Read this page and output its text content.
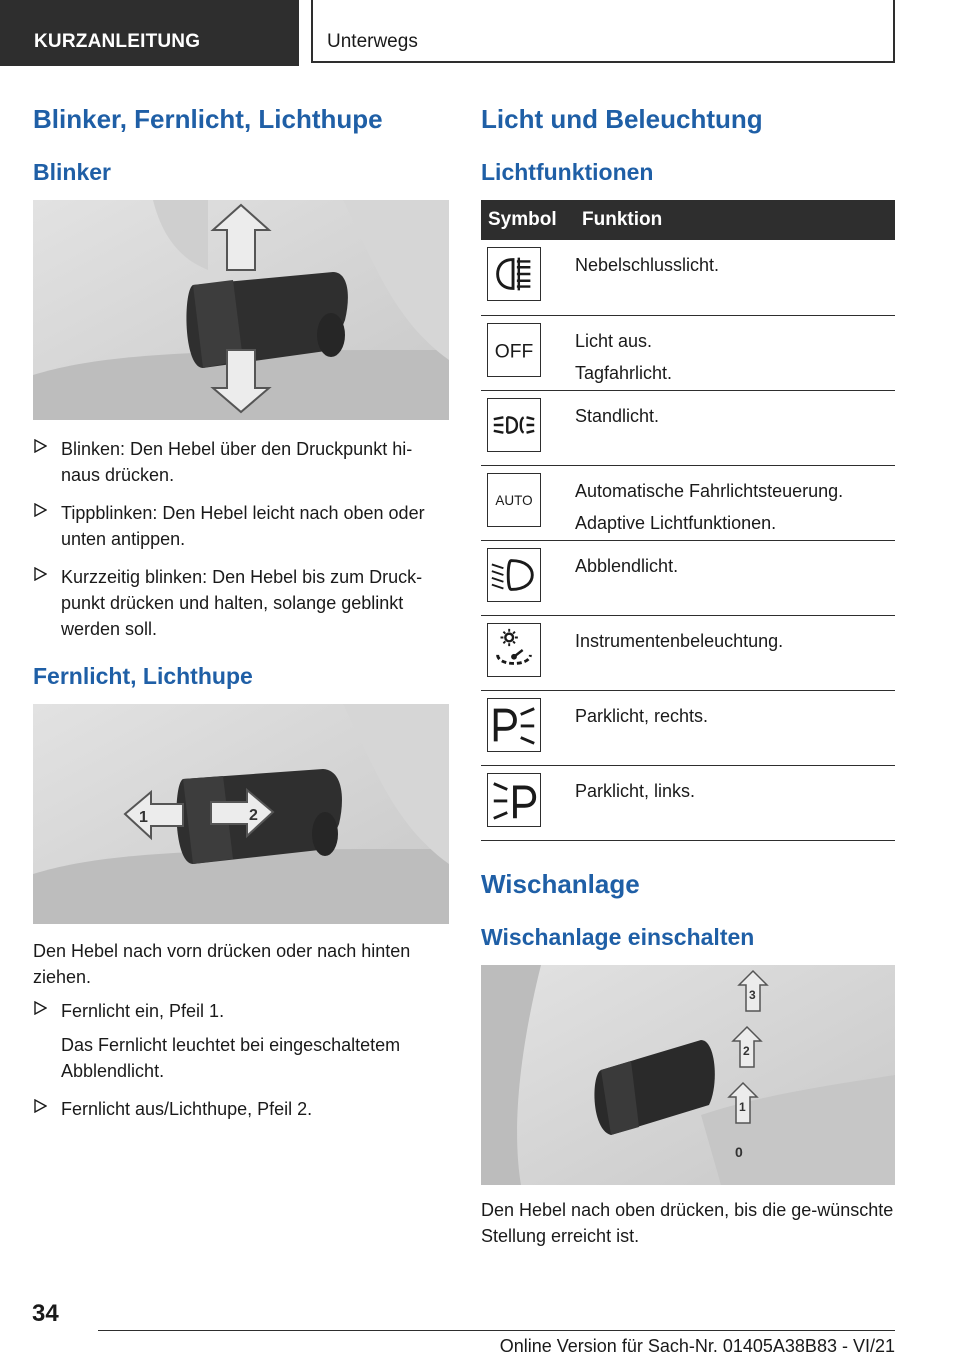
KURZANLEITUNG	Unterwegs
Blinker, Fernlicht, Lichthupe
Blinker
Blinken: Den Hebel über den Druckpunkt hi-naus drücken.
Tippblinken: Den Hebel leicht nach oben oder unten antippen.
Kurzzeitig blinken: Den Hebel bis zum Druck-punkt drücken und halten, solange geblinkt werden soll.
Fernlicht, Lichthupe
1	2

Den Hebel nach vorn drücken oder nach hinten ziehen.

Fernlicht ein, Pfeil 1.
Das Fernlicht leuchtet bei eingeschaltetem Abblendlicht.
Fernlicht aus/Lichthupe, Pfeil 2.
Licht und Beleuchtung
Lichtfunktionen
Symbol	Funktion

Nebelschlusslicht.

OFF	Licht aus.
Tagfahrlicht.

Standlicht.

AUTO	Automatische Fahrlichtsteuerung.
Adaptive Lichtfunktionen.

Abblendlicht.

Instrumentenbeleuchtung.

Parklicht, rechts.

Parklicht, links.
Wischanlage
Wischanlage einschalten
3
2
1
0

Den Hebel nach oben drücken, bis die ge-wünschte Stellung erreicht ist.

34
Online Version für Sach-Nr. 01405A38B83 - VI/21
